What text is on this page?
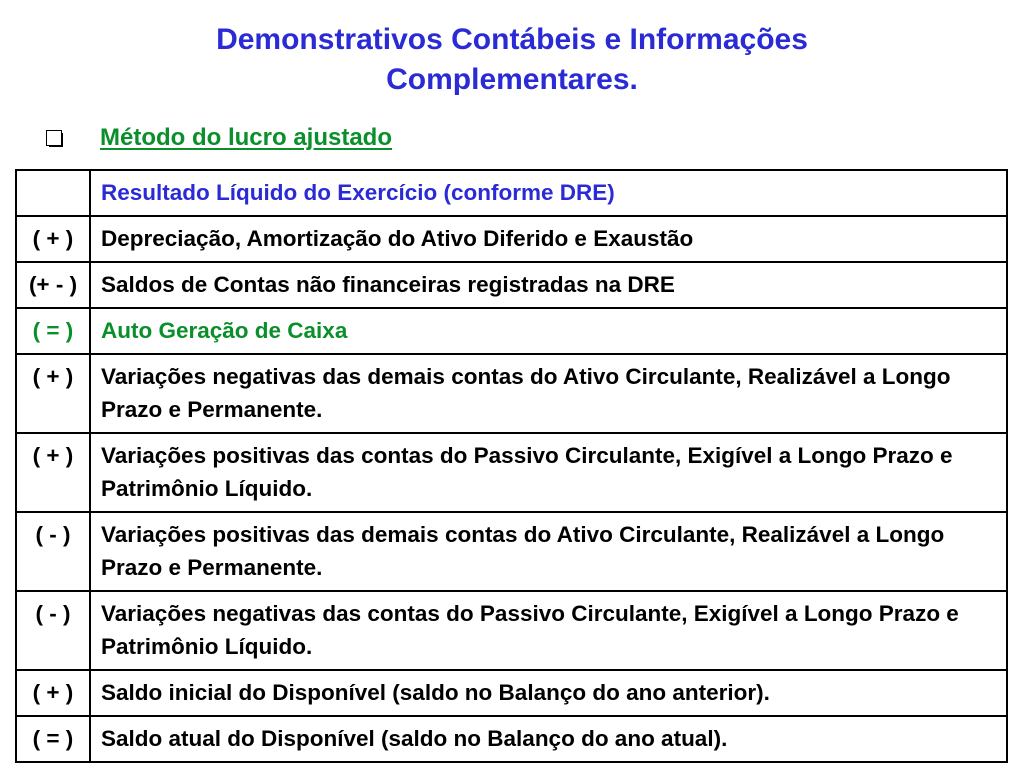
Demonstrativos Contábeis e Informações
Complementares.
Método do lucro ajustado
	Resultado Líquido do Exercício (conforme DRE)
( + )	Depreciação, Amortização do Ativo Diferido e Exaustão
(+ - )	Saldos de Contas não financeiras registradas na DRE
( = )	Auto Geração de Caixa
( + )	Variações negativas das demais contas do Ativo Circulante, Realizável a Longo Prazo e Permanente.
( + )	Variações positivas das contas do Passivo Circulante, Exigível a Longo Prazo e Patrimônio Líquido.
( - )	Variações positivas das demais contas do Ativo Circulante, Realizável a Longo Prazo e Permanente.
( - )	Variações negativas das contas do Passivo Circulante, Exigível a Longo Prazo e Patrimônio Líquido.
( + )	Saldo inicial do Disponível (saldo no Balanço do ano anterior).
( = )	Saldo atual do Disponível (saldo no Balanço do ano atual).
